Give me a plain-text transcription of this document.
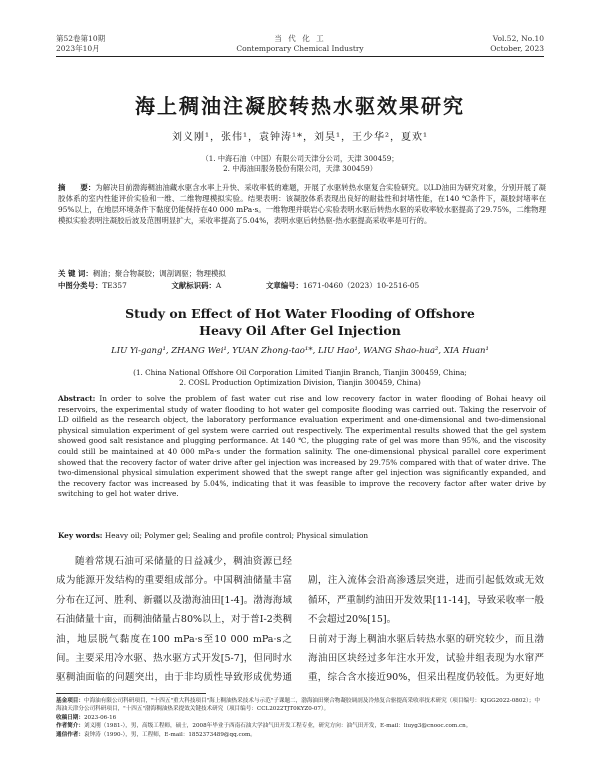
第52卷第10期
2023年10月
当 代 化 工
Contemporary Chemical Industry
Vol.52, No.10
October, 2023
海上稠油注凝胶转热水驱效果研究
刘义刚¹，张伟¹，袁钟涛¹*，刘昊¹，王少华²，夏欢¹
（1. 中海石油（中国）有限公司天津分公司，天津 300459；
2. 中海油田服务股份有限公司，天津 300459）
摘　　要：为解决目前渤海稠油油藏水驱含水率上升快、采收率低的难题，开展了水驱转热水驱复合实验研究。以LD油田为研究对象，分别开展了凝胶体系的室内性能评价实验和一维、二维物理模拟实验。结果表明：该凝胶体系表现出良好的耐盐性和封堵性能，在140 ℃条件下，凝胶封堵率在95%以上，在地层环境条件下黏度仍能保持在40 000 mPa·s。一维物理并联岩心实验表明水驱后转热水驱的采收率较水驱提高了29.75%，二维物理模拟实验表明注凝胶后波及范围明显扩大，采收率提高了5.04%，表明水驱后转热驱-热水驱提高采收率是可行的。
关 键 词：稠油；聚合物凝胶；调剖调驱；物理模拟
中图分类号：TE357	文献标识码：A	文章编号：1671-0460（2023）10-2516-05
Study on Effect of Hot Water Flooding of Offshore
Heavy Oil After Gel Injection
LIU Yi-gang¹, ZHANG Wei¹, YUAN Zhong-tao¹*, LIU Hao¹, WANG Shao-hua², XIA Huan¹
(1. China National Offshore Oil Corporation Limited Tianjin Branch, Tianjin 300459, China;
2. COSL Production Optimization Division, Tianjin 300459, China)
Abstract: In order to solve the problem of fast water cut rise and low recovery factor in water flooding of Bohai heavy oil reservoirs, the experimental study of water flooding to hot water gel composite flooding was carried out. Taking the reservoir of LD oilfield as the research object, the laboratory performance evaluation experiment and one-dimensional and two-dimensional physical simulation experiment of gel system were carried out respectively. The experimental results showed that the gel system showed good salt resistance and plugging performance. At 140 ℃, the plugging rate of gel was more than 95%, and the viscosity could still be maintained at 40 000 mPa·s under the formation salinity. The one-dimensional physical parallel core experiment showed that the recovery factor of water drive after gel injection was increased by 29.75% compared with that of water drive. The two-dimensional physical simulation experiment showed that the swept range after gel injection was significantly expanded, and the recovery factor was increased by 5.04%, indicating that it was feasible to improve the recovery factor after water drive by switching to gel hot water drive.
Key words: Heavy oil; Polymer gel; Sealing and profile control; Physical simulation

随着常规石油可采储量的日益减少，稠油资源已经成为能源开发结构的重要组成部分。中国稠油储量丰富分布在辽河、胜利、新疆以及渤海油田[1-4]。渤海海域石油储量十亩，而稠油储量占80%以上，对于普I-2类稠油，地层脱气黏度在100 mPa·s至10 000 mPa·s之间。主要采用冷水驱、热水驱方式开发[5-7]，但同时水驱稠油面临的问题突出，由于非均质性导致形成优势通

剧，注入流体会沿高渗透层突进，进而引起低效或无效循环，严重制约油田开发效果[11-14]，导致采收率一般不会超过20%[15]。
日前对于海上稠油水驱后转热水驱的研究较少，而且渤海油田区块经过多年注水开发，试验井组表现为水窜严重，综合含水接近90%，但采出程度仍较低。为更好地

基金项目：中海油有限公司科研项目，"十四五"重大科技项目"海上稠油热采技术与示范"子课题二，渤海油田聚合物凝胶调剖及冷热复合驱提高采收率技术研究（项目编号：KJGG2022-0802）；中海油天津分公司科研项目，"十四五"渤海稠油热采提效关键技术研究（项目编号：CCL2022TJT0KYZ0-07）。
收稿日期：2023-06-16
作者简介：刘义刚（1981-），男，高级工程师，硕士，2008年毕业于西南石油大学油气田开发工程专业，研究方向：油气田开发，E-mail：liuyg3@cnooc.com.cn。
通信作者：袁钟涛（1990-），男，工程师，E-mail：1852373489@qq.com。
